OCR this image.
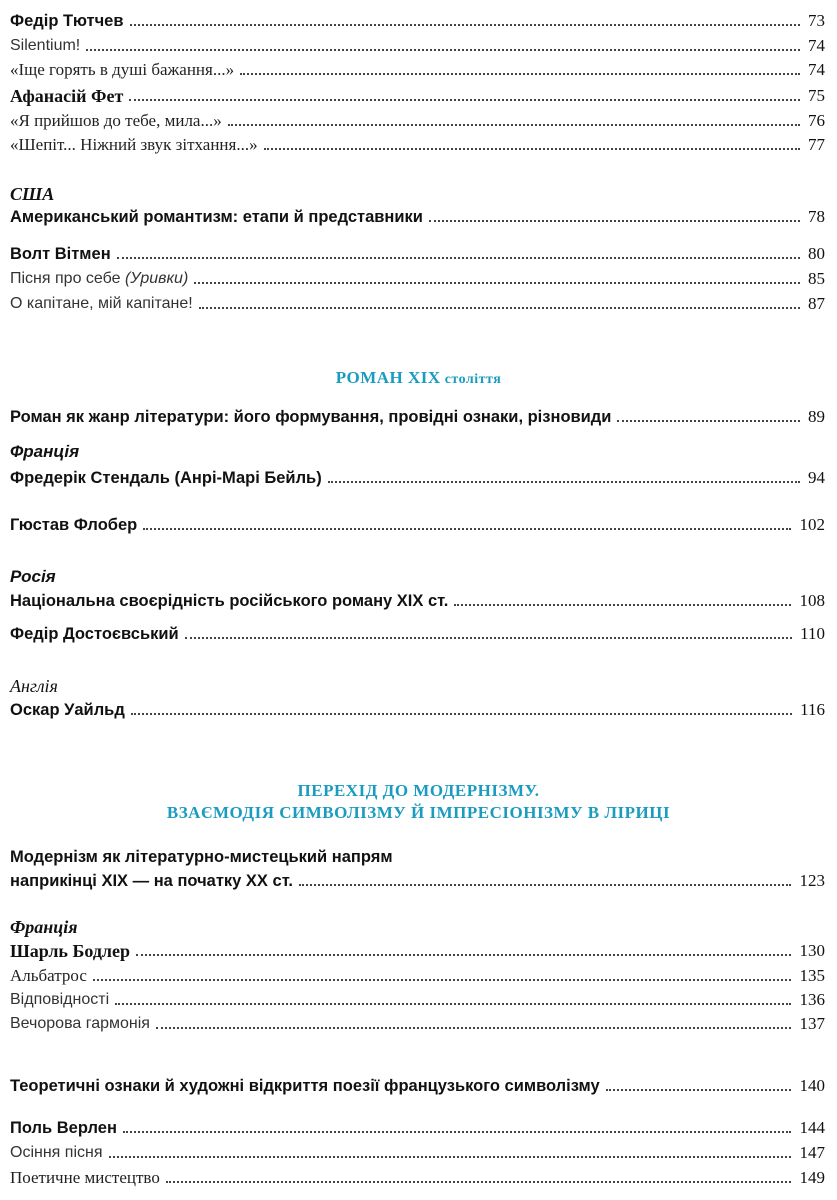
Федір Тютчев	73
Silentium!	74
«Іще горять в душі бажання...»	74
Афанасій Фет	75
«Я прийшов до тебе, мила...»	76
«Шепіт... Ніжний звук зітхання...»	77
США
Американський романтизм: етапи й представники	78
Волт Вітмен	80
Пісня про себе (Уривки)	85
О капітане, мій капітане!	87
РОМАН XIX століття
Роман як жанр літератури: його формування, провідні ознаки, різновиди	89
Франція
Фредерік Стендаль (Анрі-Марі Бейль)	94
Гюстав Флобер	102
Росія
Національна своєрідність російського роману XIX ст.	108
Федір Достоєвський	110
Англія
Оскар Уайльд	116
ПЕРЕХІД ДО МОДЕРНІЗМУ.
ВЗАЄМОДІЯ СИМВОЛІЗМУ Й ІМПРЕСІОНІЗМУ В ЛІРИЦІ
Модернізм як літературно-мистецький напрям
наприкінці XIX — на початку XX ст.	123
Франція
Шарль Бодлер	130
Альбатрос	135
Відповідності	136
Вечорова гармонія	137
Теоретичні ознаки й художні відкриття поезії французького символізму	140
Поль Верлен	144
Осіння пісня	147
Поетичне мистецтво	149
